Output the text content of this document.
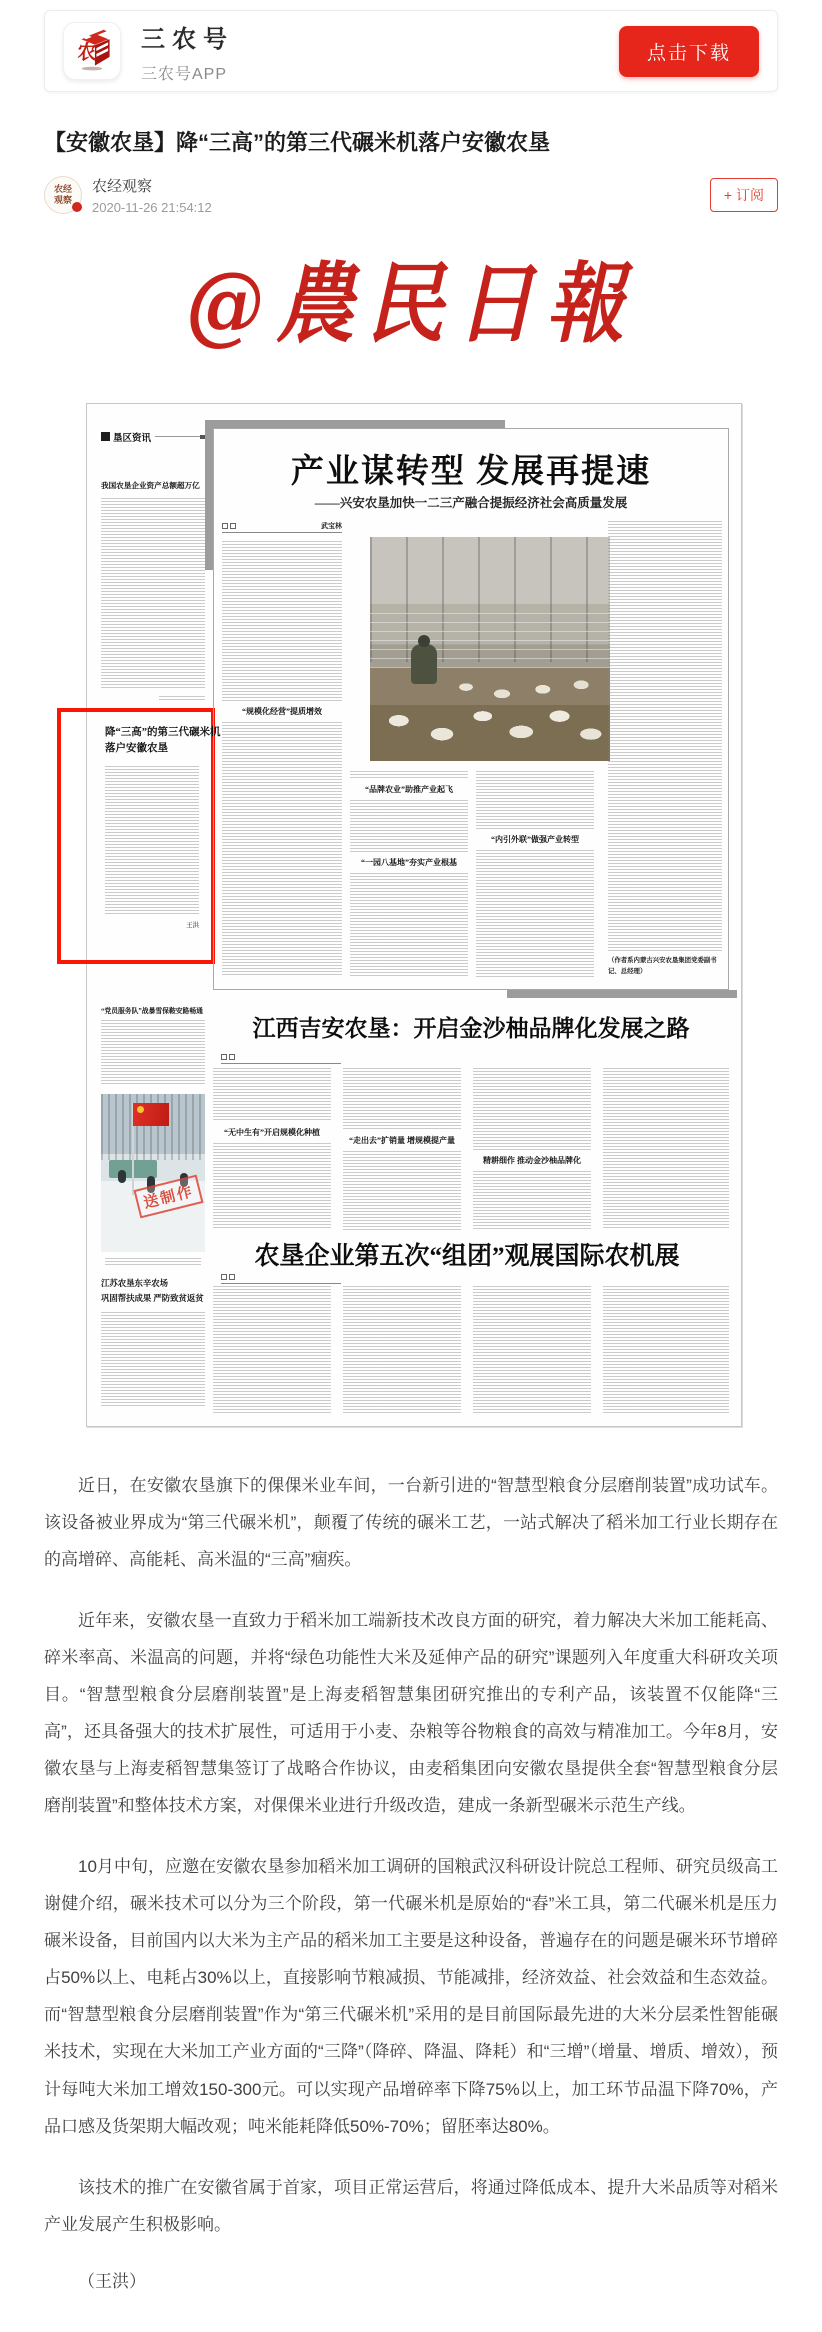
农
三农号
三农号APP
点击下载
【安徽农垦】降“三高”的第三代碾米机落户安徽农垦
农经
观察
农经观察
2020-11-26 21:54:12
+ 订阅
@農民日報
垦区资讯
我国农垦企业资产总额超万亿
降“三高”的第三代碾米机
落户安徽农垦
王洪
“党员服务队”战暴雪保鞍安路畅通
送制作
江苏农垦东辛农场
巩固帮扶成果 严防致贫返贫
产业谋转型 发展再提速
——兴安农垦加快一二三产融合提振经济社会高质量发展
武宝林
“规模化经营”提质增效
“品牌农业”助推产业起飞
“一园八基地”夯实产业根基
“内引外联”做强产业转型
（作者系内蒙古兴安农垦集团党委副书记、总经理）
江西吉安农垦：开启金沙柚品牌化发展之路
“无中生有”开启规模化种植
“走出去”扩销量 增规模提产量
精耕细作 推动金沙柚品牌化
农垦企业第五次“组团”观展国际农机展

近日，在安徽农垦旗下的倮倮米业车间，一台新引进的“智慧型粮食分层磨削装置”成功试车。该设备被业界成为“第三代碾米机”，颠覆了传统的碾米工艺，一站式解决了稻米加工行业长期存在的高增碎、高能耗、高米温的“三高”痼疾。

近年来，安徽农垦一直致力于稻米加工端新技术改良方面的研究，着力解决大米加工能耗高、碎米率高、米温高的问题，并将“绿色功能性大米及延伸产品的研究”课题列入年度重大科研攻关项目。“智慧型粮食分层磨削装置”是上海麦稻智慧集团研究推出的专利产品，该装置不仅能降“三高”，还具备强大的技术扩展性，可适用于小麦、杂粮等谷物粮食的高效与精准加工。今年8月，安徽农垦与上海麦稻智慧集签订了战略合作协议，由麦稻集团向安徽农垦提供全套“智慧型粮食分层磨削装置”和整体技术方案，对倮倮米业进行升级改造，建成一条新型碾米示范生产线。

10月中旬，应邀在安徽农垦参加稻米加工调研的国粮武汉科研设计院总工程师、研究员级高工谢健介绍，碾米技术可以分为三个阶段，第一代碾米机是原始的“舂”米工具，第二代碾米机是压力碾米设备，目前国内以大米为主产品的稻米加工主要是这种设备，普遍存在的问题是碾米环节增碎占50%以上、电耗占30%以上，直接影响节粮减损、节能减排，经济效益、社会效益和生态效益。而“智慧型粮食分层磨削装置”作为“第三代碾米机”采用的是目前国际最先进的大米分层柔性智能碾米技术，实现在大米加工产业方面的“三降”（降碎、降温、降耗）和“三增”（增量、增质、增效），预计每吨大米加工增效150-300元。可以实现产品增碎率下降75%以上，加工环节品温下降70%，产品口感及货架期大幅改观；吨米能耗降低50%-70%；留胚率达80%。

该技术的推广在安徽省属于首家，项目正常运营后，将通过降低成本、提升大米品质等对稻米产业发展产生积极影响。

（王洪）
